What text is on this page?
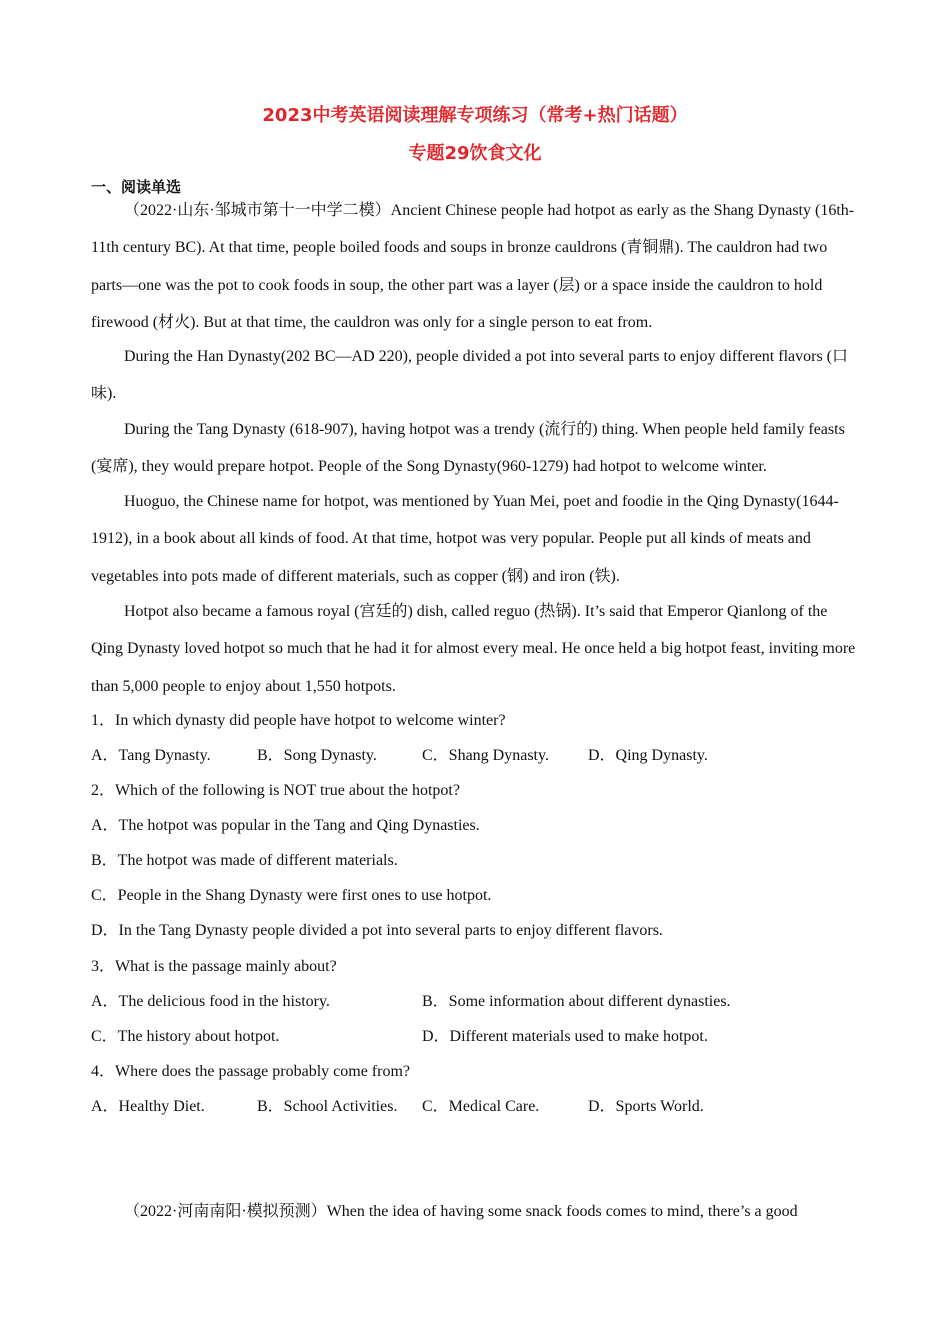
2023中考英语阅读理解专项练习（常考+热门话题）
专题29饮食文化

一、阅读单选

（2022·山东·邹城市第十一中学二模）Ancient Chinese people had hotpot as early as the Shang Dynasty (16th-11th century BC). At that time, people boiled foods and soups in bronze cauldrons (青铜鼎). The cauldron had two parts—one was the pot to cook foods in soup, the other part was a layer (层) or a space inside the cauldron to hold firewood (材火). But at that time, the cauldron was only for a single person to eat from.

During the Han Dynasty(202 BC—AD 220), people divided a pot into several parts to enjoy different flavors (口味).

During the Tang Dynasty (618-907), having hotpot was a trendy (流行的) thing. When people held family feasts (宴席), they would prepare hotpot. People of the Song Dynasty(960-1279) had hotpot to welcome winter.

Huoguo, the Chinese name for hotpot, was mentioned by Yuan Mei, poet and foodie in the Qing Dynasty(1644-1912), in a book about all kinds of food. At that time, hotpot was very popular. People put all kinds of meats and vegetables into pots made of different materials, such as copper (钢) and iron (铁).

Hotpot also became a famous royal (宫廷的) dish, called reguo (热锅). It’s said that Emperor Qianlong of the Qing Dynasty loved hotpot so much that he had it for almost every meal. He once held a big hotpot feast, inviting more than 5,000 people to enjoy about 1,550 hotpots.

1．In which dynasty did people have hotpot to welcome winter?

A．Tang Dynasty.	B．Song Dynasty.	C．Shang Dynasty. D．Qing Dynasty.

2．Which of the following is NOT true about the hotpot?

A．The hotpot was popular in the Tang and Qing Dynasties.

B．The hotpot was made of different materials.

C．People in the Shang Dynasty were first ones to use hotpot.

D．In the Tang Dynasty people divided a pot into several parts to enjoy different flavors.

3．What is the passage mainly about?

A．The delicious food in the history.	B．Some information about different dynasties.

C．The history about hotpot.	D．Different materials used to make hotpot.

4．Where does the passage probably come from?

A．Healthy Diet.	B．School Activities. C．Medical Care.	D．Sports World.

（2022·河南南阳·模拟预测）When the idea of having some snack foods comes to mind, there’s a good
